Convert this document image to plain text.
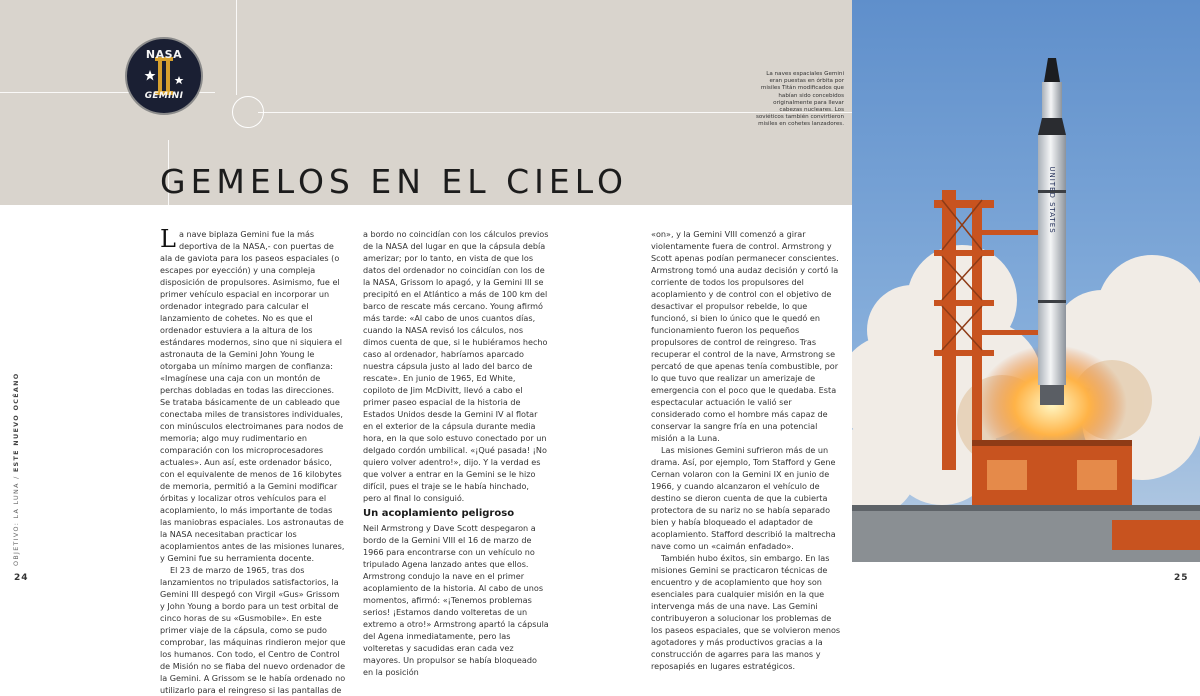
NASA
GEMINI
GEMELOS EN EL CIELO
OBJETIVO: LA LUNA / ESTE NUEVO OCÉANO

La nave biplaza Gemini fue la más deportiva de la NASA,- con puertas de ala de gaviota para los paseos espaciales (o escapes por eyección) y una compleja disposición de propulsores. Asimismo, fue el primer vehículo espacial en incorporar un ordenador integrado para calcular el lanzamiento de cohetes. No es que el ordenador estuviera a la altura de los estándares modernos, sino que ni siquiera el astronauta de la Gemini John Young le otorgaba un mínimo margen de confianza: «Imagínese una caja con un montón de perchas dobladas en todas las direcciones. Se trataba básicamente de un cableado que conectaba miles de transistores individuales, con minúsculos electroimanes para nodos de memoria; algo muy rudimentario en comparación con los microprocesadores actuales». Aun así, este ordenador básico, con el equivalente de menos de 16 kilobytes de memoria, permitió a la Gemini modificar órbitas y localizar otros vehículos para el acoplamiento, lo más importante de todas las maniobras espaciales. Los astronautas de la NASA necesitaban practicar los acoplamientos antes de las misiones lunares, y Gemini fue su herramienta docente.

El 23 de marzo de 1965, tras dos lanzamientos no tripulados satisfactorios, la Gemini III despegó con Virgil «Gus» Grissom y John Young a bordo para un test orbital de cinco horas de su «Gusmobile». En este primer viaje de la cápsula, como se pudo comprobar, las máquinas rindieron mejor que los humanos. Con todo, el Centro de Control de Misión no se fiaba del nuevo ordenador de la Gemini. A Grissom se le había ordenado no utilizarlo para el reingreso si las pantallas de

a bordo no coincidían con los cálculos previos de la NASA del lugar en que la cápsula debía amerizar; por lo tanto, en vista de que los datos del ordenador no coincidían con los de la NASA, Grissom lo apagó, y la Gemini III se precipitó en el Atlántico a más de 100 km del barco de rescate más cercano. Young afirmó más tarde: «Al cabo de unos cuantos días, cuando la NASA revisó los cálculos, nos dimos cuenta de que, si le hubiéramos hecho caso al ordenador, habríamos aparcado nuestra cápsula justo al lado del barco de rescate». En junio de 1965, Ed White, copiloto de Jim McDivitt, llevó a cabo el primer paseo espacial de la historia de Estados Unidos desde la Gemini IV al flotar en el exterior de la cápsula durante media hora, en la que solo estuvo conectado por un delgado cordón umbilical. «¡Qué pasada! ¡No quiero volver adentro!», dijo. Y la verdad es que volver a entrar en la Gemini se le hizo difícil, pues el traje se le había hinchado, pero al final lo consiguió.

Un acoplamiento peligroso

Neil Armstrong y Dave Scott despegaron a bordo de la Gemini VIII el 16 de marzo de 1966 para encontrarse con un vehículo no tripulado Agena lanzado antes que ellos. Armstrong condujo la nave en el primer acoplamiento de la historia. Al cabo de unos momentos, afirmó: «¡Tenemos problemas serios! ¡Estamos dando volteretas de un extremo a otro!» Armstrong apartó la cápsula del Agena inmediatamente, pero las volteretas y sacudidas eran cada vez mayores. Un propulsor se había bloqueado en la posición

«on», y la Gemini VIII comenzó a girar violentamente fuera de control. Armstrong y Scott apenas podían permanecer conscientes. Armstrong tomó una audaz decisión y cortó la corriente de todos los propulsores del acoplamiento y de control con el objetivo de desactivar el propulsor rebelde, lo que funcionó, si bien lo único que le quedó en funcionamiento fueron los pequeños propulsores de control de reingreso. Tras recuperar el control de la nave, Armstrong se percató de que apenas tenía combustible, por lo que tuvo que realizar un amerizaje de emergencia con el poco que le quedaba. Esta espectacular actuación le valió ser considerado como el hombre más capaz de conservar la sangre fría en una potencial misión a la Luna.

Las misiones Gemini sufrieron más de un drama. Así, por ejemplo, Tom Stafford y Gene Cernan volaron con la Gemini IX en junio de 1966, y cuando alcanzaron el vehículo de destino se dieron cuenta de que la cubierta protectora de su nariz no se había separado bien y había bloqueado el adaptador de acoplamiento. Stafford describió la maltrecha nave como un «caimán enfadado».

También hubo éxitos, sin embargo. En las misiones Gemini se practicaron técnicas de encuentro y de acoplamiento que hoy son esenciales para cualquier misión en la que intervenga más de una nave. Las Gemini contribuyeron a solucionar los problemas de los paseos espaciales, que se volvieron menos agotadores y más productivos gracias a la construcción de agarres para las manos y reposapiés en lugares estratégicos.

24	25
La naves espaciales Gemini eran puestas en órbita por misiles Titán modificados que habían sido concebidos originalmente para llevar cabezas nucleares. Los soviéticos también convirtieron misiles en cohetes lanzadores.
UNITED STATES
